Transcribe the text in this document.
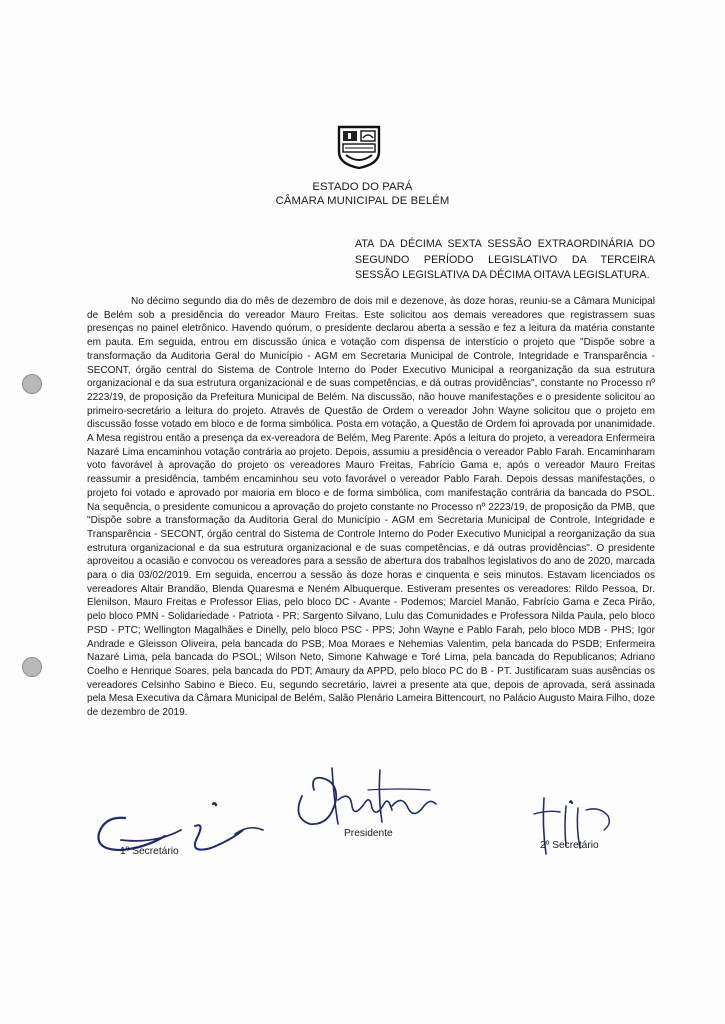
ESTADO DO PARÁ
CÂMARA MUNICIPAL DE BELÉM
ATA DA DÉCIMA SEXTA SESSÃO EXTRAORDINÁRIA DO SEGUNDO PERÍODO LEGISLATIVO DA TERCEIRA SESSÃO LEGISLATIVA DA DÉCIMA OITAVA LEGISLATURA.

No décimo segundo dia do mês de dezembro de dois mil e dezenove, às doze horas, reuniu-se a Câmara Municipal de Belém sob a presidência do vereador Mauro Freitas. Este solicitou aos demais vereadores que registrassem suas presenças no painel eletrônico. Havendo quórum, o presidente declarou aberta a sessão e fez a leitura da matéria constante em pauta. Em seguida, entrou em discussão única e votação com dispensa de interstício o projeto que "Dispõe sobre a transformação da Auditoria Geral do Município - AGM em Secretaria Municipal de Controle, Integridade e Transparência - SECONT, órgão central do Sistema de Controle Interno do Poder Executivo Municipal a reorganização da sua estrutura organizacional e da sua estrutura organizacional e de suas competências, e dá outras providências", constante no Processo nº 2223/19, de proposição da Prefeitura Municipal de Belém. Na discussão, não houve manifestações e o presidente solicitou ao primeiro-secretário a leitura do projeto. Através de Questão de Ordem o vereador John Wayne solicitou que o projeto em discussão fosse votado em bloco e de forma simbólica. Posta em votação, a Questão de Ordem foi aprovada por unanimidade. A Mesa registrou então a presença da ex-vereadora de Belém, Meg Parente. Após a leitura do projeto, a vereadora Enfermeira Nazaré Lima encaminhou votação contrária ao projeto. Depois, assumiu a presidência o vereador Pablo Farah. Encaminharam voto favorável à aprovação do projeto os vereadores Mauro Freitas, Fabrício Gama e, após o vereador Mauro Freitas reassumir a presidência, também encaminhou seu voto favorável o vereador Pablo Farah. Depois dessas manifestações, o projeto foi votado e aprovado por maioria em bloco e de forma simbólica, com manifestação contrária da bancada do PSOL. Na sequência, o presidente comunicou a aprovação do projeto constante no Processo nº 2223/19, de proposição da PMB, que "Dispõe sobre a transformação da Auditoria Geral do Município - AGM em Secretaria Municipal de Controle, Integridade e Transparência - SECONT, órgão central do Sistema de Controle Interno do Poder Executivo Municipal a reorganização da sua estrutura organizacional e da sua estrutura organizacional e de suas competências, e dá outras providências". O presidente aproveitou a ocasião e convocou os vereadores para a sessão de abertura dos trabalhos legislativos do ano de 2020, marcada para o dia 03/02/2019. Em seguida, encerrou a sessão às doze horas e cinquenta e seis minutos. Estavam licenciados os vereadores Altair Brandão, Blenda Quaresma e Neném Albuquerque. Estiveram presentes os vereadores: Rildo Pessoa, Dr. Elenilson, Mauro Freitas e Professor Elias, pelo bloco DC - Avante - Podemos; Marciel Manão, Fabrício Gama e Zeca Pirão, pelo bloco PMN - Solidariedade - Patriota - PR; Sargento Silvano, Lulu das Comunidades e Professora Nilda Paula, pelo bloco PSD - PTC; Wellington Magalhães e Dinelly, pelo bloco PSC - PPS; John Wayne e Pablo Farah, pelo bloco MDB - PHS; Igor Andrade e Gleisson Oliveira, pela bancada do PSB; Moa Moraes e Nehemias Valentim, pela bancada do PSDB; Enfermeira Nazaré Lima, pela bancada do PSOL; Wilson Neto, Simone Kahwage e Toré Lima, pela bancada do Republicanos; Adriano Coelho e Henrique Soares, pela bancada do PDT; Amaury da APPD, pelo bloco PC do B - PT. Justificaram suas ausências os vereadores Celsinho Sabino e Bieco. Eu, segundo secretário, lavrei a presente ata que, depois de aprovada, será assinada pela Mesa Executiva da Câmara Municipal de Belém, Salão Plenário Lameira Bittencourt, no Palácio Augusto Maira Filho, doze de dezembro de 2019.

1º Secretário
Presidente
2º Secretário
